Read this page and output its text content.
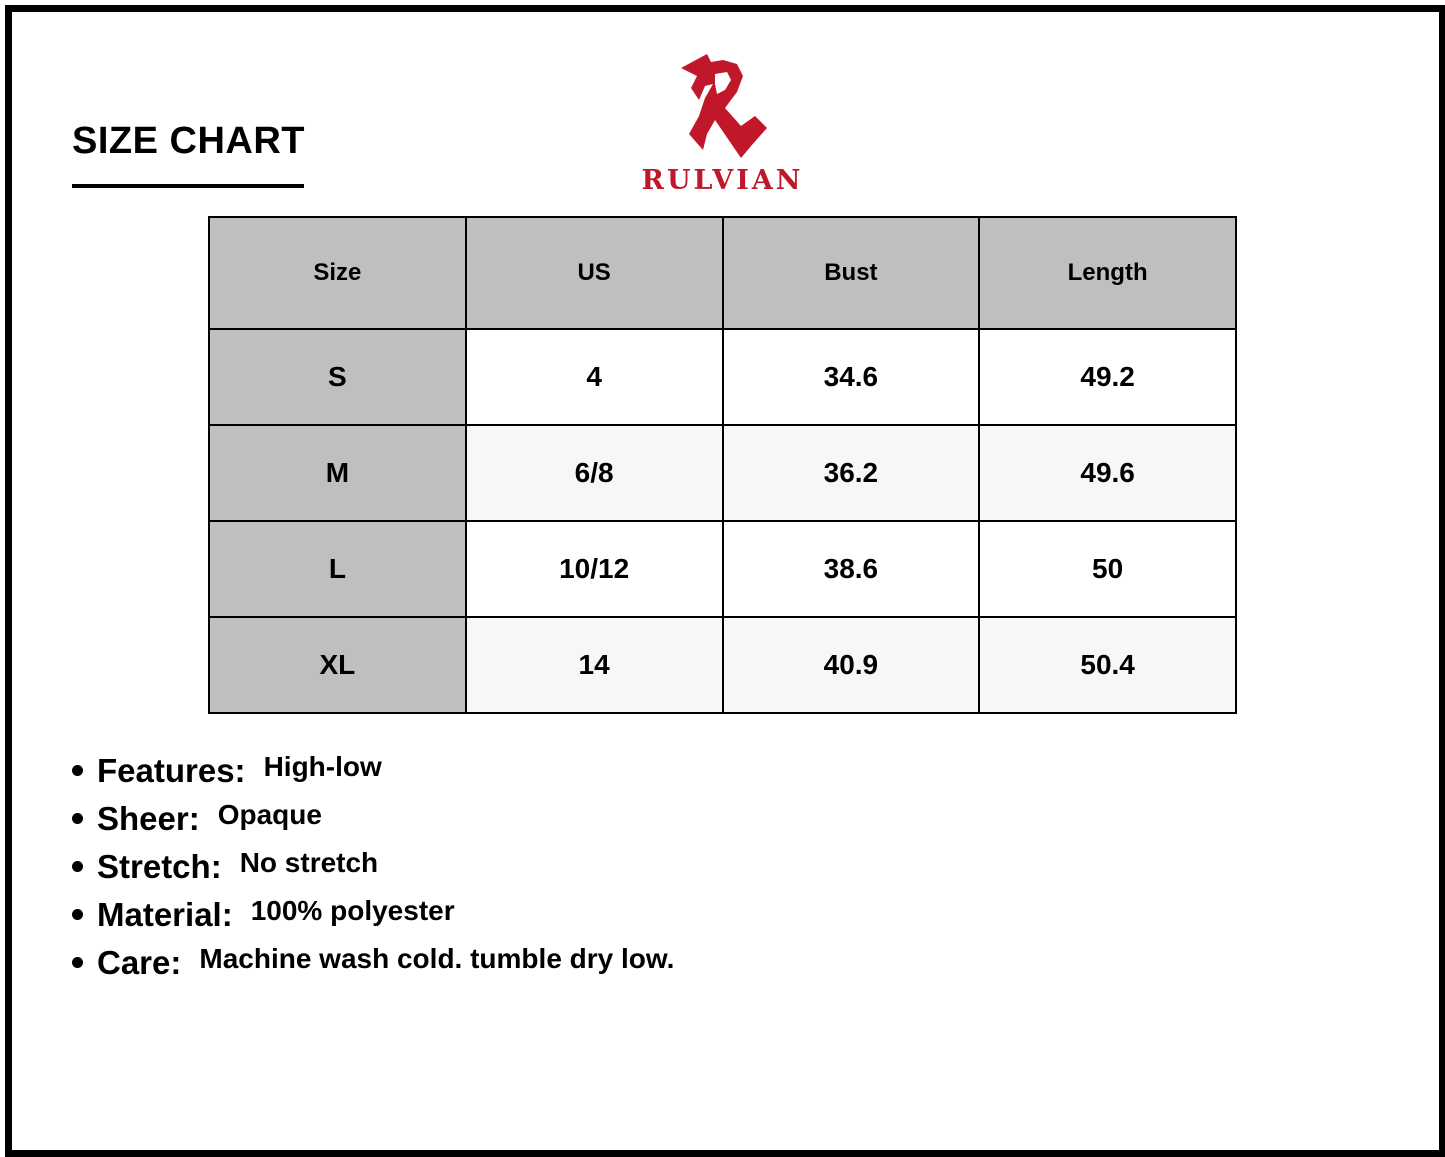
SIZE CHART
RULVIAN
Size	US	Bust	Length
S	4	34.6	49.2
M	6/8	36.2	49.6
L	10/12	38.6	50
XL	14	40.9	50.4
Features: High-low
Sheer: Opaque
Stretch: No stretch
Material: 100% polyester
Care: Machine wash cold. tumble dry low.
